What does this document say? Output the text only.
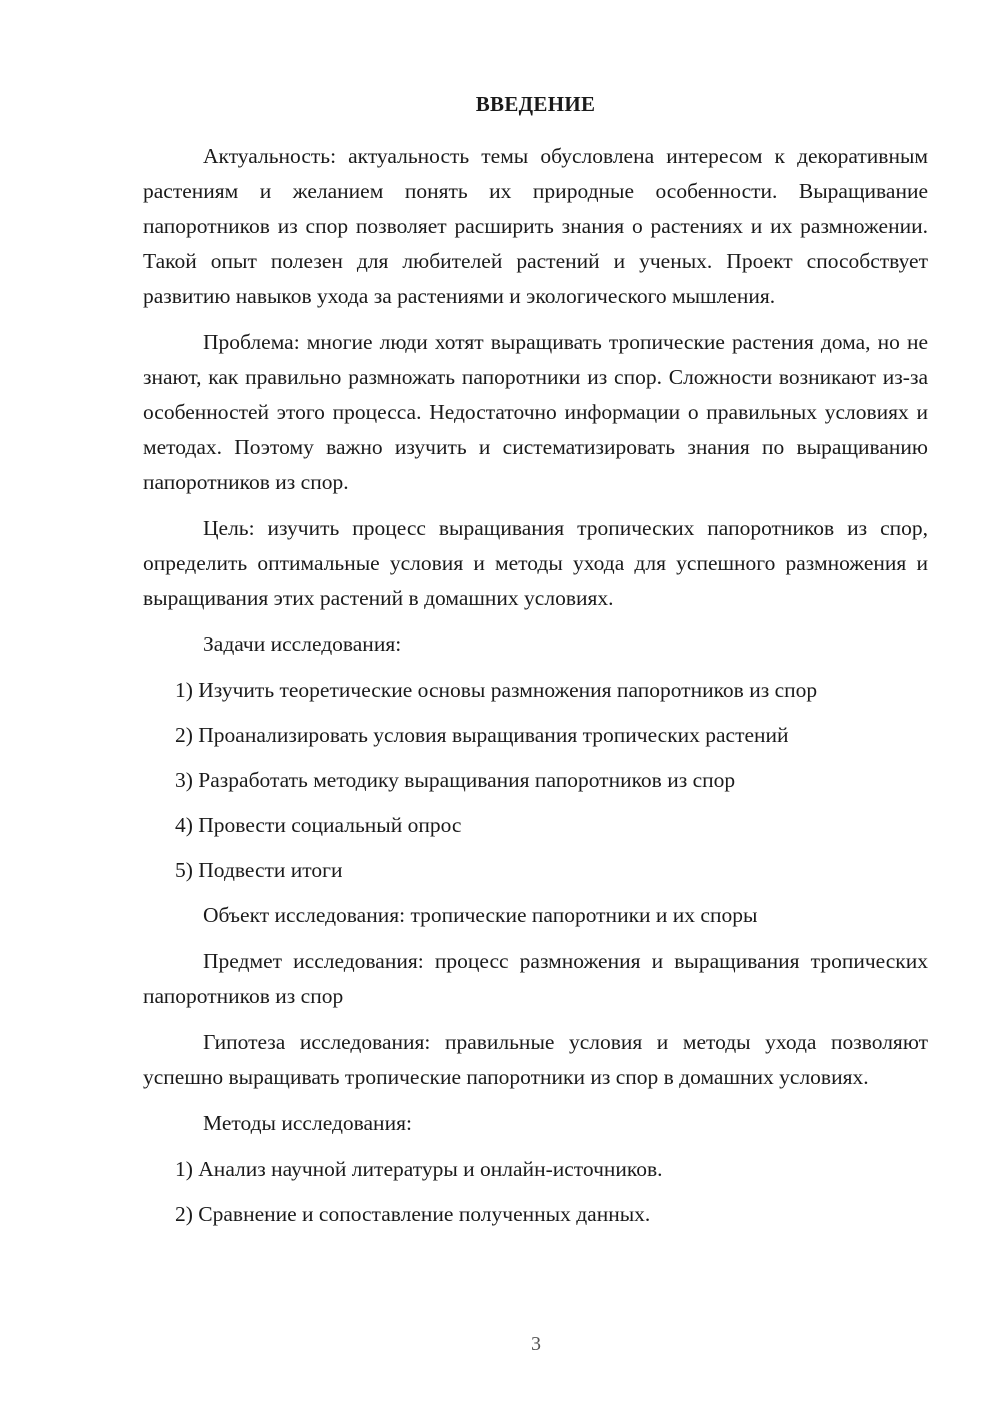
ВВЕДЕНИЕ

Актуальность: актуальность темы обусловлена интересом к декоративным растениям и желанием понять их природные особенности. Выращивание папоротников из спор позволяет расширить знания о растениях и их размножении. Такой опыт полезен для любителей растений и ученых. Проект способствует развитию навыков ухода за растениями и экологического мышления.

Проблема: многие люди хотят выращивать тропические растения дома, но не знают, как правильно размножать папоротники из спор. Сложности возникают из-за особенностей этого процесса. Недостаточно информации о правильных условиях и методах. Поэтому важно изучить и систематизировать знания по выращиванию папоротников из спор.

Цель: изучить процесс выращивания тропических папоротников из спор, определить оптимальные условия и методы ухода для успешного размножения и выращивания этих растений в домашних условиях.

Задачи исследования:

1) Изучить теоретические основы размножения папоротников из спор
2) Проанализировать условия выращивания тропических растений
3) Разработать методику выращивания папоротников из спор
4) Провести социальный опрос
5) Подвести итоги

Объект исследования: тропические папоротники и их споры

Предмет исследования: процесс размножения и выращивания тропических папоротников из спор

Гипотеза исследования: правильные условия и методы ухода позволяют успешно выращивать тропические папоротники из спор в домашних условиях.

Методы исследования:

1) Анализ научной литературы и онлайн-источников.
2) Сравнение и сопоставление полученных данных.
3
